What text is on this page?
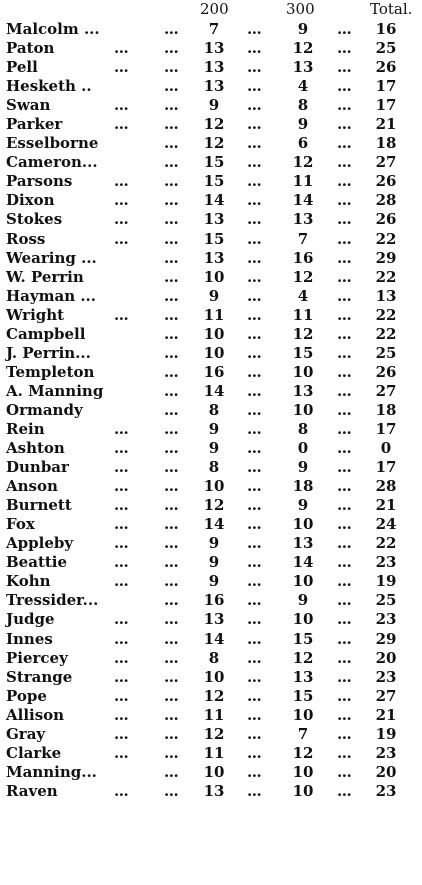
200	300	Total.
Malcolm ...	...	7	...	9	... 16
Paton	... ...	13	...	12	... 25
Pell	... ...	13	...	13	... 26
Hesketh ..	...	13	...	4	... 17
Swan	... ...	9	...	8	... 17
Parker	... ...	12	...	9	... 21
Esselborne	...	12	...	6	... 18
Cameron...	...	15	...	12	... 27
Parsons	... ...	15	...	11	... 26
Dixon	... ...	14	...	14	... 28
Stokes	... ...	13	...	13	... 26
Ross	... ...	15	...	7	... 22
Wearing ...	...	13	...	16	... 29
W. Perrin	...	10	...	12	... 22
Hayman ...	...	9	...	4	... 13
Wright	... ...	11	...	11	... 22
Campbell	...	10	...	12	... 22
J. Perrin...	...	10	...	15	... 25
Templeton	...	16	...	10	... 26
A. Manning	...	14	...	13	... 27
Ormandy	...	8	...	10	... 18
Rein	... ...	9	...	8	... 17
Ashton	... ...	9	...	0	...	0
Dunbar	... ...	8	...	9	... 17
Anson	... ...	10	...	18	... 28
Burnett	... ...	12	...	9	... 21
Fox	... ...	14	...	10	... 24
Appleby	... ...	9	...	13	... 22
Beattie	... ...	9	...	14	... 23
Kohn	... ...	9	...	10	... 19
Tressider...	...	16	...	9	... 25
Judge	... ...	13	...	10	... 23
Innes	... ...	14	...	15	... 29
Piercey	... ...	8	...	12	... 20
Strange	... ...	10	...	13	... 23
Pope	... ...	12	...	15	... 27
Allison	... ...	11	...	10	... 21
Gray	... ...	12	...	7	... 19
Clarke	... ...	11	...	12	... 23
Manning...	...	10	...	10	... 20
Raven	... ...	13	...	10	... 23
